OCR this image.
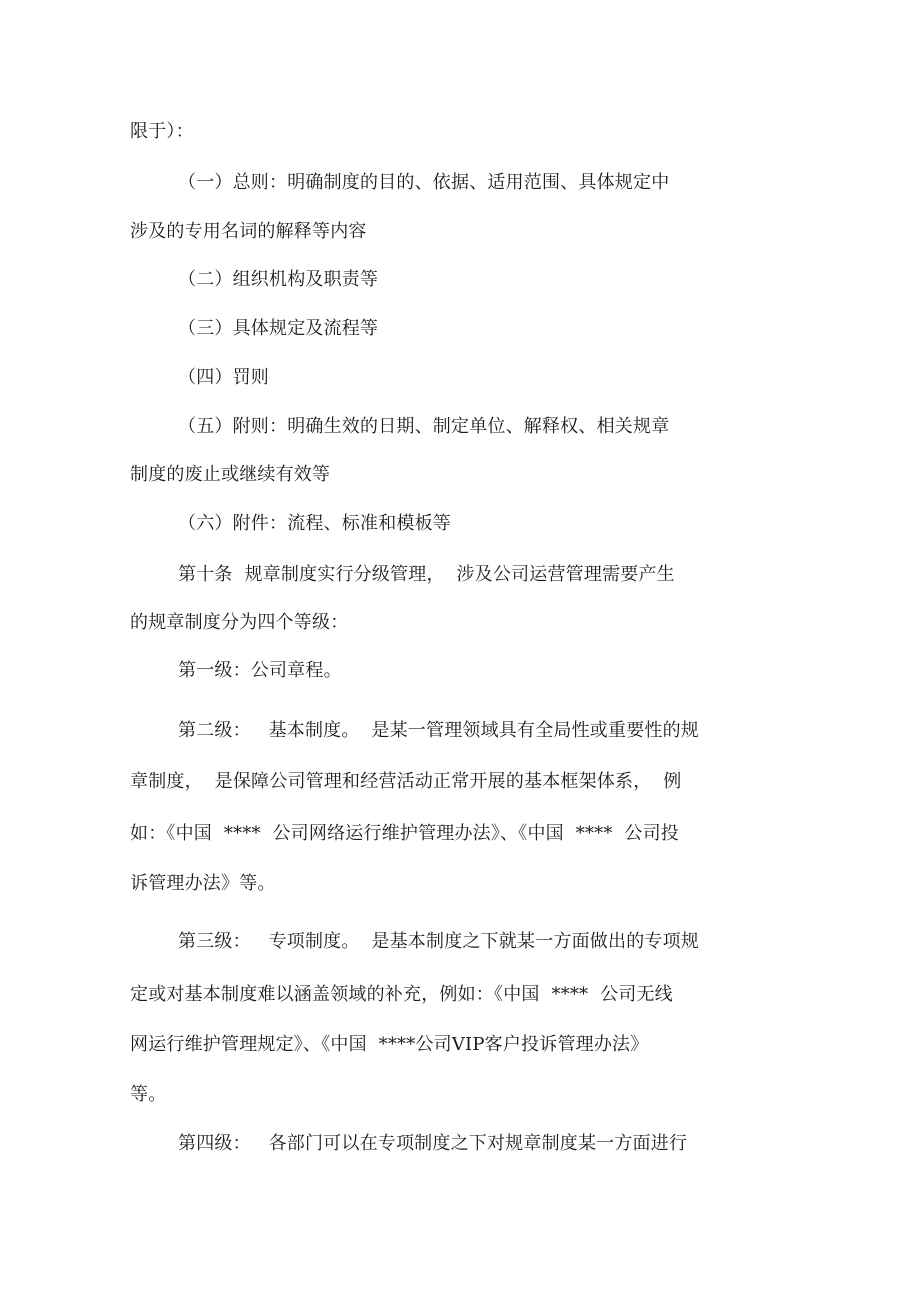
限于）：
（一）总则：明确制度的目的、依据、适用范围、具体规定中
涉及的专用名词的解释等内容
（二）组织机构及职责等
（三）具体规定及流程等
（四）罚则
（五）附则：明确生效的日期、制定单位、解释权、相关规章
制度的废止或继续有效等
（六）附件：流程、标准和模板等
第十条  规章制度实行分级管理，  涉及公司运营管理需要产生
的规章制度分为四个等级：
第一级：公司章程。
第二级：   基本制度。  是某一管理领域具有全局性或重要性的规
章制度，  是保障公司管理和经营活动正常开展的基本框架体系，  例
如：《中国  ****  公司网络运行维护管理办法》、《中国  ****  公司投
诉管理办法》等。
第三级：   专项制度。  是基本制度之下就某一方面做出的专项规
定或对基本制度难以涵盖领域的补充，例如：《中国  ****  公司无线
网运行维护管理规定》、《中国  ****公司VIP客户投诉管理办法》
等。
第四级：   各部门可以在专项制度之下对规章制度某一方面进行
